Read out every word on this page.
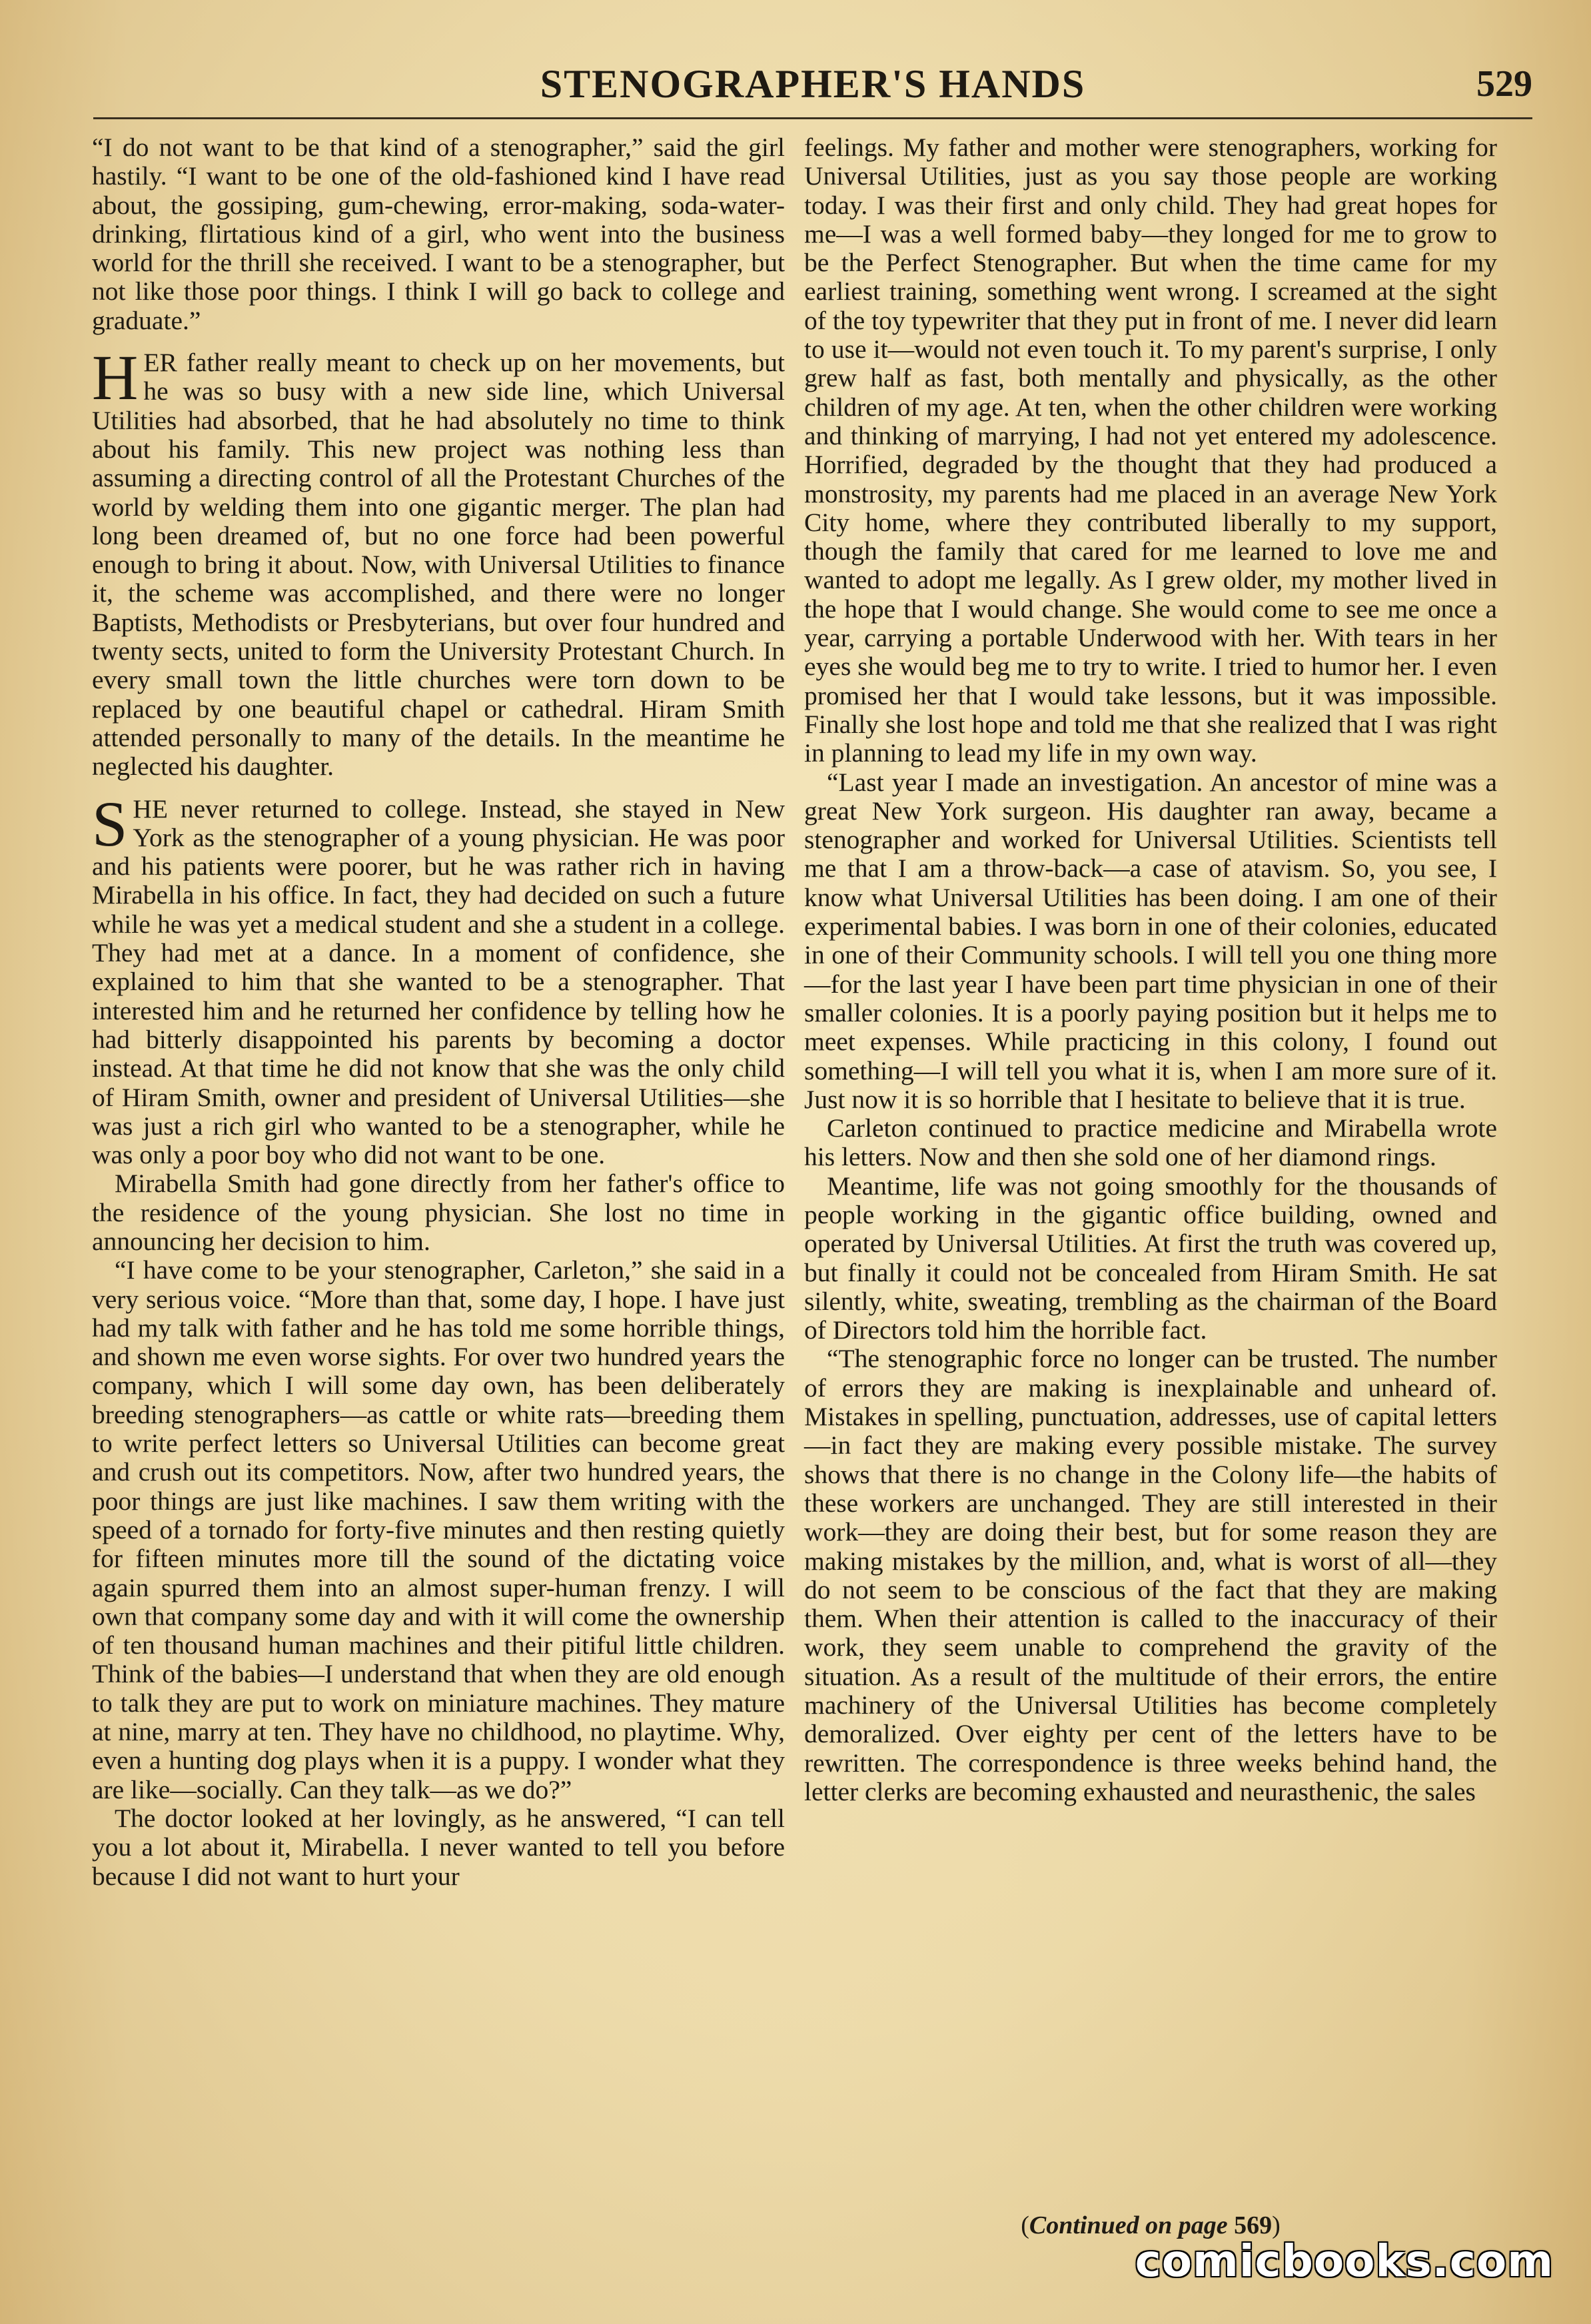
STENOGRAPHER'S HANDS	529

“I do not want to be that kind of a stenographer,” said the girl hastily. “I want to be one of the old-fashioned kind I have read about, the gossiping, gum-chewing, error-making, soda-water-drinking, flirtatious kind of a girl, who went into the business world for the thrill she received. I want to be a stenographer, but not like those poor things. I think I will go back to college and graduate.”

HER father really meant to check up on her movements, but he was so busy with a new side line, which Universal Utilities had absorbed, that he had absolutely no time to think about his family. This new project was nothing less than assuming a directing control of all the Protestant Churches of the world by welding them into one gigantic merger. The plan had long been dreamed of, but no one force had been powerful enough to bring it about. Now, with Universal Utilities to finance it, the scheme was accomplished, and there were no longer Baptists, Methodists or Presbyterians, but over four hundred and twenty sects, united to form the University Protestant Church. In every small town the little churches were torn down to be replaced by one beautiful chapel or cathedral. Hiram Smith attended personally to many of the details. In the meantime he neglected his daughter.

SHE never returned to college. Instead, she stayed in New York as the stenographer of a young physician. He was poor and his patients were poorer, but he was rather rich in having Mirabella in his office. In fact, they had decided on such a future while he was yet a medical student and she a student in a college. They had met at a dance. In a moment of confidence, she explained to him that she wanted to be a stenographer. That interested him and he returned her confidence by telling how he had bitterly disappointed his parents by becoming a doctor instead. At that time he did not know that she was the only child of Hiram Smith, owner and president of Universal Utilities—she was just a rich girl who wanted to be a stenographer, while he was only a poor boy who did not want to be one.

Mirabella Smith had gone directly from her father's office to the residence of the young physician. She lost no time in announcing her decision to him.

“I have come to be your stenographer, Carleton,” she said in a very serious voice. “More than that, some day, I hope. I have just had my talk with father and he has told me some horrible things, and shown me even worse sights. For over two hundred years the company, which I will some day own, has been deliberately breeding stenographers—as cattle or white rats—breeding them to write perfect letters so Universal Utilities can become great and crush out its competitors. Now, after two hundred years, the poor things are just like machines. I saw them writing with the speed of a tornado for forty-five minutes and then resting quietly for fifteen minutes more till the sound of the dictating voice again spurred them into an almost super-human frenzy. I will own that company some day and with it will come the ownership of ten thousand human machines and their pitiful little children. Think of the babies—I understand that when they are old enough to talk they are put to work on miniature machines. They mature at nine, marry at ten. They have no childhood, no playtime. Why, even a hunting dog plays when it is a puppy. I wonder what they are like—socially. Can they talk—as we do?”

The doctor looked at her lovingly, as he answered, “I can tell you a lot about it, Mirabella. I never wanted to tell you before because I did not want to hurt your

feelings. My father and mother were stenographers, working for Universal Utilities, just as you say those people are working today. I was their first and only child. They had great hopes for me—I was a well formed baby—they longed for me to grow to be the Perfect Stenographer. But when the time came for my earliest training, something went wrong. I screamed at the sight of the toy typewriter that they put in front of me. I never did learn to use it—would not even touch it. To my parent's surprise, I only grew half as fast, both mentally and physically, as the other children of my age. At ten, when the other children were working and thinking of marrying, I had not yet entered my adolescence. Horrified, degraded by the thought that they had produced a monstrosity, my parents had me placed in an average New York City home, where they contributed liberally to my support, though the family that cared for me learned to love me and wanted to adopt me legally. As I grew older, my mother lived in the hope that I would change. She would come to see me once a year, carrying a portable Underwood with her. With tears in her eyes she would beg me to try to write. I tried to humor her. I even promised her that I would take lessons, but it was impossible. Finally she lost hope and told me that she realized that I was right in planning to lead my life in my own way.

“Last year I made an investigation. An ancestor of mine was a great New York surgeon. His daughter ran away, became a stenographer and worked for Universal Utilities. Scientists tell me that I am a throw-back—a case of atavism. So, you see, I know what Universal Utilities has been doing. I am one of their experimental babies. I was born in one of their colonies, educated in one of their Community schools. I will tell you one thing more—for the last year I have been part time physician in one of their smaller colonies. It is a poorly paying position but it helps me to meet expenses. While practicing in this colony, I found out something—I will tell you what it is, when I am more sure of it. Just now it is so horrible that I hesitate to believe that it is true.

Carleton continued to practice medicine and Mirabella wrote his letters. Now and then she sold one of her diamond rings.

Meantime, life was not going smoothly for the thousands of people working in the gigantic office building, owned and operated by Universal Utilities. At first the truth was covered up, but finally it could not be concealed from Hiram Smith. He sat silently, white, sweating, trembling as the chairman of the Board of Directors told him the horrible fact.

“The stenographic force no longer can be trusted. The number of errors they are making is inexplainable and unheard of. Mistakes in spelling, punctuation, addresses, use of capital letters—in fact they are making every possible mistake. The survey shows that there is no change in the Colony life—the habits of these workers are unchanged. They are still interested in their work—they are doing their best, but for some reason they are making mistakes by the million, and, what is worst of all—they do not seem to be conscious of the fact that they are making them. When their attention is called to the inaccuracy of their work, they seem unable to comprehend the gravity of the situation. As a result of the multitude of their errors, the entire machinery of the Universal Utilities has become completely demoralized. Over eighty per cent of the letters have to be rewritten. The correspondence is three weeks behind hand, the letter clerks are becoming exhausted and neurasthenic, the sales

(Continued on page 569)
comicbooks.com
